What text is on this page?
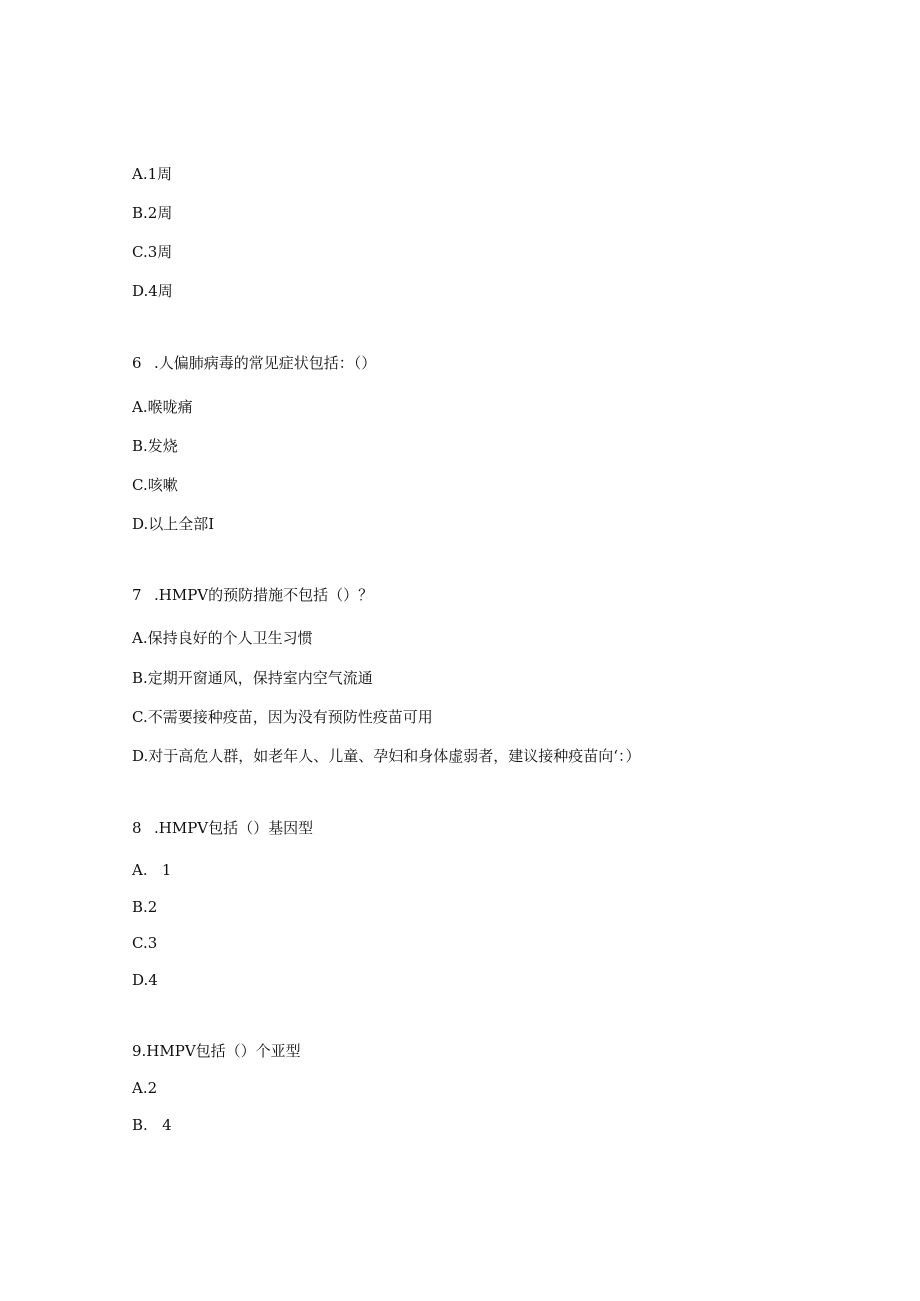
A.1周
B.2周
C.3周
D.4周
6 .人偏肺病毒的常见症状包括：（）
A.喉咙痛
B.发烧
C.咳嗽
D.以上全部I
7 .HMPV的预防措施不包括（）？
A.保持良好的个人卫生习惯
B.定期开窗通风，保持室内空气流通
C.不需要接种疫苗，因为没有预防性疫苗可用
D.对于高危人群，如老年人、儿童、孕妇和身体虚弱者，建议接种疫苗向‘：）
8 .HMPV包括（）基因型
A.   1
B.2
C.3
D.4
9.HMPV包括（）个亚型
A.2
B.   4
